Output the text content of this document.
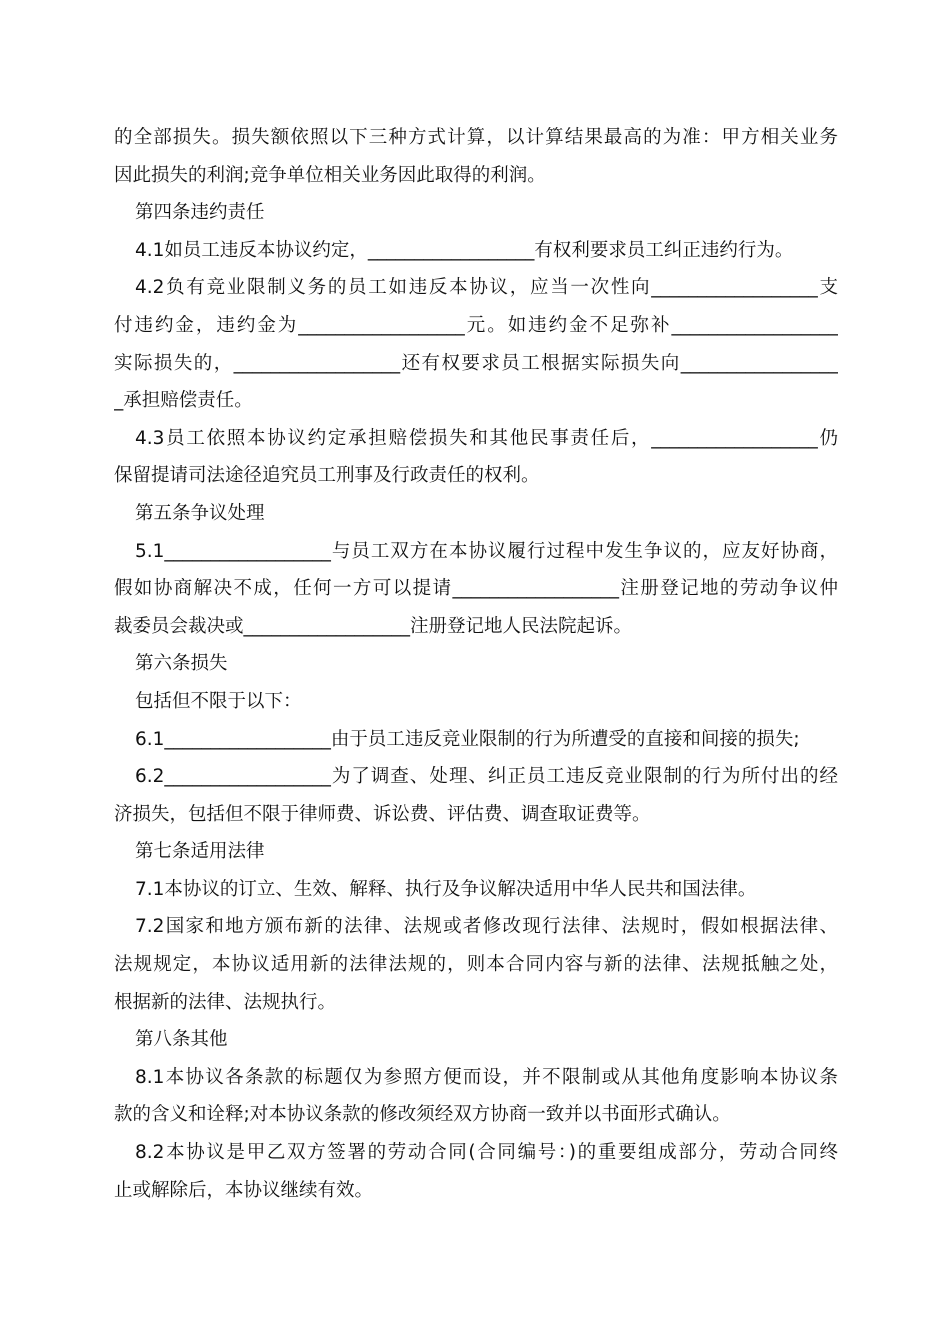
的全部损失。损失额依照以下三种方式计算，以计算结果最高的为准：甲方相关业务
因此损失的利润;竞争单位相关业务因此取得的利润。
第四条违约责任
4.1如员工违反本协议约定，__________________有权利要求员工纠正违约行为。
4.2负有竞业限制义务的员工如违反本协议，应当一次性向__________________支
付违约金，违约金为__________________元。如违约金不足弥补__________________
实际损失的，__________________还有权要求员工根据实际损失向_________________
_承担赔偿责任。
4.3员工依照本协议约定承担赔偿损失和其他民事责任后，__________________仍
保留提请司法途径追究员工刑事及行政责任的权利。
第五条争议处理
5.1__________________与员工双方在本协议履行过程中发生争议的，应友好协商，
假如协商解决不成，任何一方可以提请__________________注册登记地的劳动争议仲
裁委员会裁决或__________________注册登记地人民法院起诉。
第六条损失
包括但不限于以下：
6.1__________________由于员工违反竞业限制的行为所遭受的直接和间接的损失;
6.2__________________为了调查、处理、纠正员工违反竞业限制的行为所付出的经
济损失，包括但不限于律师费、诉讼费、评估费、调查取证费等。
第七条适用法律
7.1本协议的订立、生效、解释、执行及争议解决适用中华人民共和国法律。
7.2国家和地方颁布新的法律、法规或者修改现行法律、法规时，假如根据法律、
法规规定，本协议适用新的法律法规的，则本合同内容与新的法律、法规抵触之处，
根据新的法律、法规执行。
第八条其他
8.1本协议各条款的标题仅为参照方便而设，并不限制或从其他角度影响本协议条
款的含义和诠释;对本协议条款的修改须经双方协商一致并以书面形式确认。
8.2本协议是甲乙双方签署的劳动合同(合同编号：)的重要组成部分，劳动合同终
止或解除后，本协议继续有效。
